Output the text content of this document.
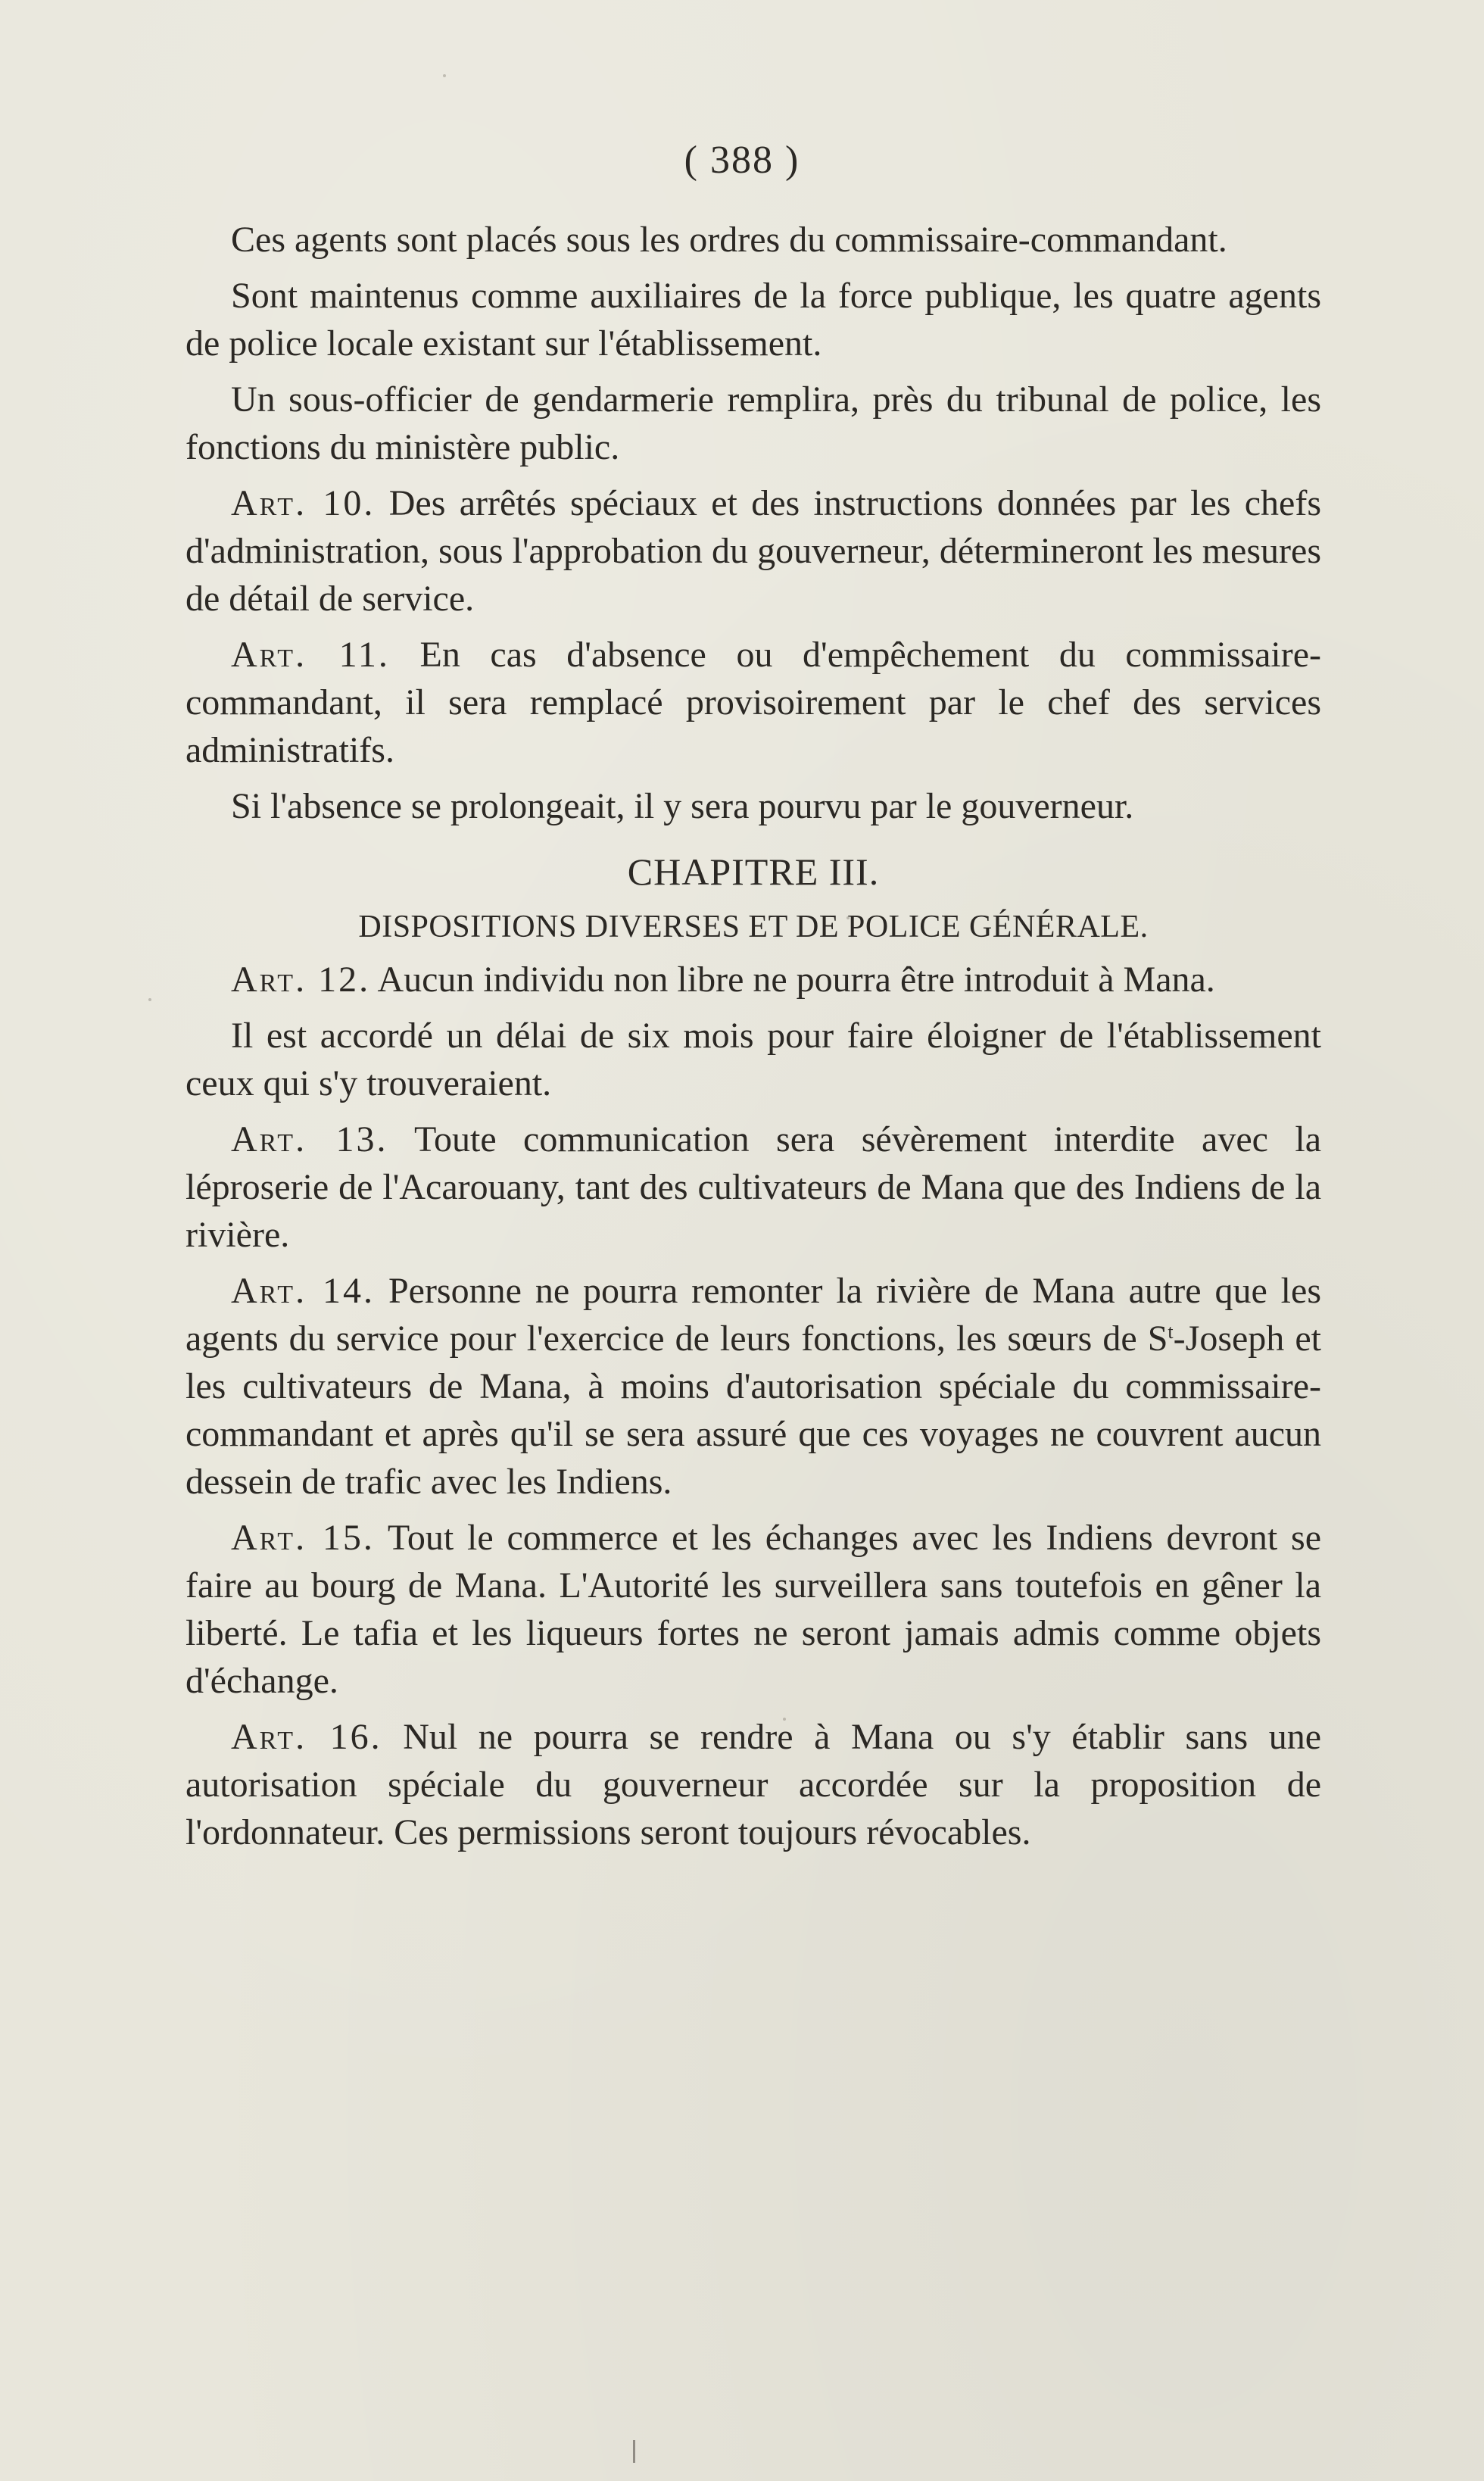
( 388 )

Ces agents sont placés sous les ordres du commissaire-commandant.

Sont maintenus comme auxiliaires de la force publique, les quatre agents de police locale existant sur l'établissement.

Un sous-officier de gendarmerie remplira, près du tribunal de police, les fonctions du ministère public.

Art. 10. Des arrêtés spéciaux et des instructions données par les chefs d'administration, sous l'approbation du gouverneur, détermineront les mesures de détail de service.

Art. 11. En cas d'absence ou d'empêchement du commissaire-commandant, il sera remplacé provisoirement par le chef des services administratifs.

Si l'absence se prolongeait, il y sera pourvu par le gouverneur.

CHAPITRE III.
DISPOSITIONS DIVERSES ET DE POLICE GÉNÉRALE.

Art. 12. Aucun individu non libre ne pourra être introduit à Mana.

Il est accordé un délai de six mois pour faire éloigner de l'établissement ceux qui s'y trouveraient.

Art. 13. Toute communication sera sévèrement interdite avec la léproserie de l'Acarouany, tant des cultivateurs de Mana que des Indiens de la rivière.

Art. 14. Personne ne pourra remonter la rivière de Mana autre que les agents du service pour l'exercice de leurs fonctions, les sœurs de $S^t$-Joseph et les cultivateurs de Mana, à moins d'autorisation spéciale du commissaire-commandant et après qu'il se sera assuré que ces voyages ne couvrent aucun dessein de trafic avec les Indiens.

Art. 15. Tout le commerce et les échanges avec les Indiens devront se faire au bourg de Mana. L'Autorité les surveillera sans toutefois en gêner la liberté. Le tafia et les liqueurs fortes ne seront jamais admis comme objets d'échange.

Art. 16. Nul ne pourra se rendre à Mana ou s'y établir sans une autorisation spéciale du gouverneur accordée sur la proposition de l'ordonnateur. Ces permissions seront toujours révocables.
